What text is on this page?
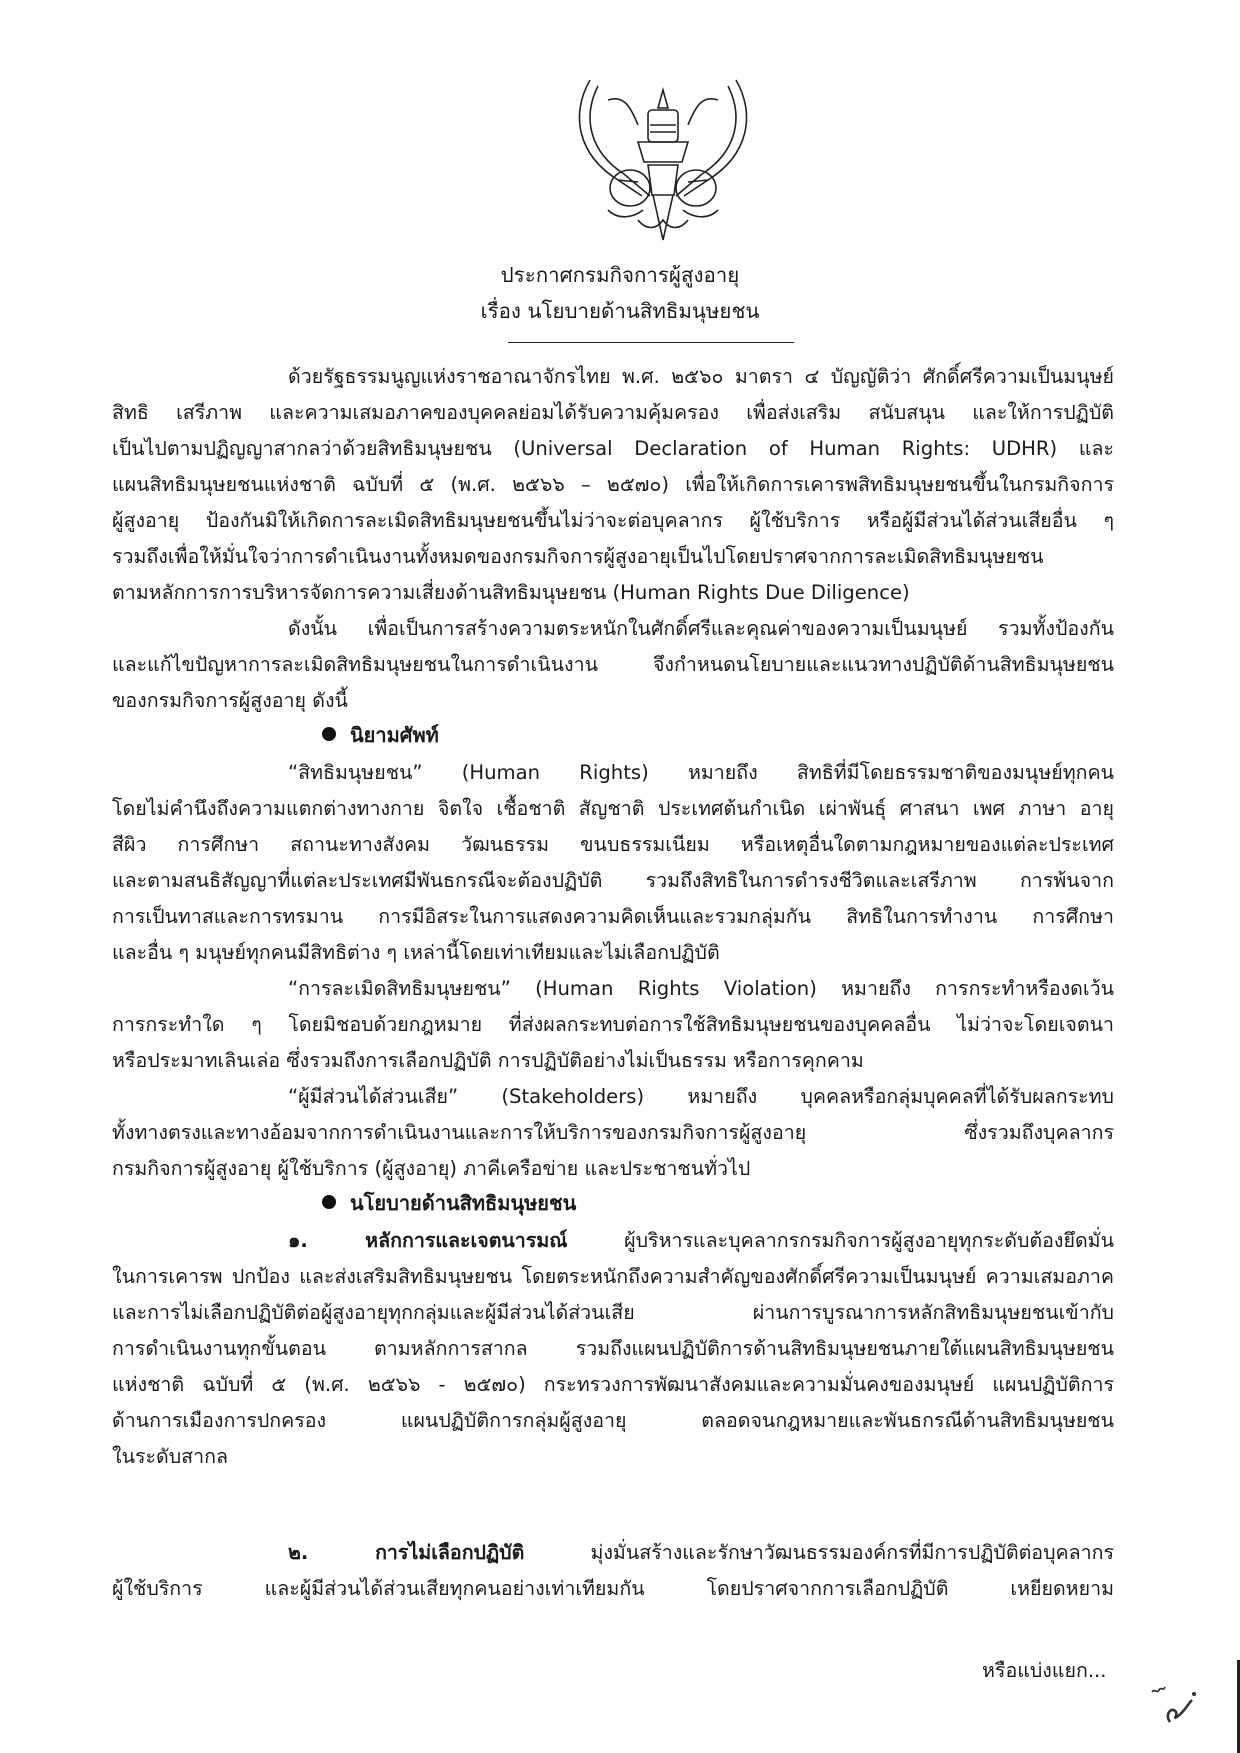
ประกาศกรมกิจการผู้สูงอายุ
เรื่อง นโยบายด้านสิทธิมนุษยชน
ด้วยรัฐธรรมนูญแห่งราชอาณาจักรไทย พ.ศ. ๒๕๖๐ มาตรา ๔ บัญญัติว่า ศักดิ์ศรีความเป็นมนุษย์
สิทธิ เสรีภาพ และความเสมอภาคของบุคคลย่อมได้รับความคุ้มครอง เพื่อส่งเสริม สนับสนุน และให้การปฏิบัติ
เป็นไปตามปฏิญญาสากลว่าด้วยสิทธิมนุษยชน (Universal Declaration of Human Rights: UDHR) และ
แผนสิทธิมนุษยชนแห่งชาติ ฉบับที่ ๕ (พ.ศ. ๒๕๖๖ – ๒๕๗๐) เพื่อให้เกิดการเคารพสิทธิมนุษยชนขึ้นในกรมกิจการ
ผู้สูงอายุ ป้องกันมิให้เกิดการละเมิดสิทธิมนุษยชนขึ้นไม่ว่าจะต่อบุคลากร ผู้ใช้บริการ หรือผู้มีส่วนได้ส่วนเสียอื่น ๆ
รวมถึงเพื่อให้มั่นใจว่าการดำเนินงานทั้งหมดของกรมกิจการผู้สูงอายุเป็นไปโดยปราศจากการละเมิดสิทธิมนุษยชน
ตามหลักการการบริหารจัดการความเสี่ยงด้านสิทธิมนุษยชน (Human Rights Due Diligence)
ดังนั้น เพื่อเป็นการสร้างความตระหนักในศักดิ์ศรีและคุณค่าของความเป็นมนุษย์ รวมทั้งป้องกัน
และแก้ไขปัญหาการละเมิดสิทธิมนุษยชนในการดำเนินงาน จึงกำหนดนโยบายและแนวทางปฏิบัติด้านสิทธิมนุษยชน
ของกรมกิจการผู้สูงอายุ ดังนี้
นิยามศัพท์
“สิทธิมนุษยชน” (Human Rights) หมายถึง สิทธิที่มีโดยธรรมชาติของมนุษย์ทุกคน
โดยไม่คำนึงถึงความแตกต่างทางกาย จิตใจ เชื้อชาติ สัญชาติ ประเทศต้นกำเนิด เผ่าพันธุ์ ศาสนา เพศ ภาษา อายุ
สีผิว การศึกษา สถานะทางสังคม วัฒนธรรม ขนบธรรมเนียม หรือเหตุอื่นใดตามกฎหมายของแต่ละประเทศ
และตามสนธิสัญญาที่แต่ละประเทศมีพันธกรณีจะต้องปฏิบัติ รวมถึงสิทธิในการดำรงชีวิตและเสรีภาพ การพ้นจาก
การเป็นทาสและการทรมาน การมีอิสระในการแสดงความคิดเห็นและรวมกลุ่มกัน สิทธิในการทำงาน การศึกษา
และอื่น ๆ มนุษย์ทุกคนมีสิทธิต่าง ๆ เหล่านี้โดยเท่าเทียมและไม่เลือกปฏิบัติ
“การละเมิดสิทธิมนุษยชน” (Human Rights Violation) หมายถึง การกระทำหรืองดเว้น
การกระทำใด ๆ โดยมิชอบด้วยกฎหมาย ที่ส่งผลกระทบต่อการใช้สิทธิมนุษยชนของบุคคลอื่น ไม่ว่าจะโดยเจตนา
หรือประมาทเลินเล่อ ซึ่งรวมถึงการเลือกปฏิบัติ การปฏิบัติอย่างไม่เป็นธรรม หรือการคุกคาม
“ผู้มีส่วนได้ส่วนเสีย” (Stakeholders) หมายถึง บุคคลหรือกลุ่มบุคคลที่ได้รับผลกระทบ
ทั้งทางตรงและทางอ้อมจากการดำเนินงานและการให้บริการของกรมกิจการผู้สูงอายุ ซึ่งรวมถึงบุคลากร
กรมกิจการผู้สูงอายุ ผู้ใช้บริการ (ผู้สูงอายุ) ภาคีเครือข่าย และประชาชนทั่วไป
นโยบายด้านสิทธิมนุษยชน
๑. หลักการและเจตนารมณ์ ผู้บริหารและบุคลากรกรมกิจการผู้สูงอายุทุกระดับต้องยึดมั่น
ในการเคารพ ปกป้อง และส่งเสริมสิทธิมนุษยชน โดยตระหนักถึงความสำคัญของศักดิ์ศรีความเป็นมนุษย์ ความเสมอภาค
และการไม่เลือกปฏิบัติต่อผู้สูงอายุทุกกลุ่มและผู้มีส่วนได้ส่วนเสีย ผ่านการบูรณาการหลักสิทธิมนุษยชนเข้ากับ
การดำเนินงานทุกขั้นตอน ตามหลักการสากล รวมถึงแผนปฏิบัติการด้านสิทธิมนุษยชนภายใต้แผนสิทธิมนุษยชน
แห่งชาติ ฉบับที่ ๕ (พ.ศ. ๒๕๖๖ - ๒๕๗๐) กระทรวงการพัฒนาสังคมและความมั่นคงของมนุษย์ แผนปฏิบัติการ
ด้านการเมืองการปกครอง แผนปฏิบัติการกลุ่มผู้สูงอายุ ตลอดจนกฎหมายและพันธกรณีด้านสิทธิมนุษยชน
ในระดับสากล
๒. การไม่เลือกปฏิบัติ มุ่งมั่นสร้างและรักษาวัฒนธรรมองค์กรที่มีการปฏิบัติต่อบุคลากร
ผู้ใช้บริการ และผู้มีส่วนได้ส่วนเสียทุกคนอย่างเท่าเทียมกัน โดยปราศจากการเลือกปฏิบัติ เหยียดหยาม
หรือแบ่งแยก...
